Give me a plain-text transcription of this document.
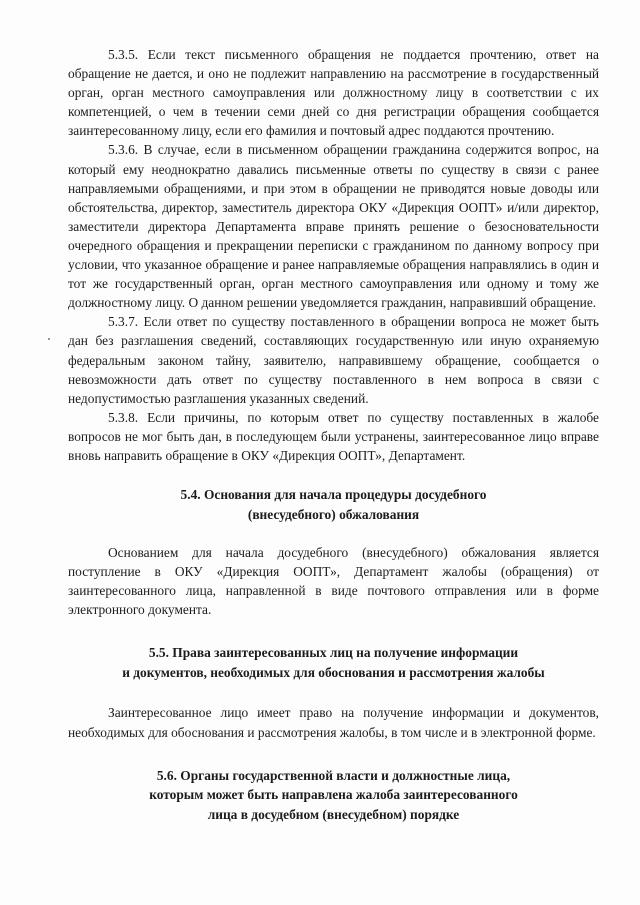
5.3.5. Если текст письменного обращения не поддается прочтению, ответ на обращение не дается, и оно не подлежит направлению на рассмотрение в государственный орган, орган местного самоуправления или должностному лицу в соответствии с их компетенцией, о чем в течении семи дней со дня регистрации обращения сообщается заинтересованному лицу, если его фамилия и почтовый адрес поддаются прочтению.

5.3.6. В случае, если в письменном обращении гражданина содержится вопрос, на который ему неоднократно давались письменные ответы по существу в связи с ранее направляемыми обращениями, и при этом в обращении не приводятся новые доводы или обстоятельства, директор, заместитель директора ОКУ «Дирекция ООПТ» и/или директор, заместители директора Департамента вправе принять решение о безосновательности очередного обращения и прекращении переписки с гражданином по данному вопросу при условии, что указанное обращение и ранее направляемые обращения направлялись в один и тот же государственный орган, орган местного самоуправления или одному и тому же должностному лицу. О данном решении уведомляется гражданин, направивший обращение.

5.3.7. Если ответ по существу поставленного в обращении вопроса не может быть дан без разглашения сведений, составляющих государственную или иную охраняемую федеральным законом тайну, заявителю, направившему обращение, сообщается о невозможности дать ответ по существу поставленного в нем вопроса в связи с недопустимостью разглашения указанных сведений.

5.3.8. Если причины, по которым ответ по существу поставленных в жалобе вопросов не мог быть дан, в последующем были устранены, заинтересованное лицо вправе вновь направить обращение в ОКУ «Дирекция ООПТ», Департамент.

5.4. Основания для начала процедуры досудебного
(внесудебного) обжалования

Основанием для начала досудебного (внесудебного) обжалования является поступление в ОКУ «Дирекция ООПТ», Департамент жалобы (обращения) от заинтересованного лица, направленной в виде почтового отправления или в форме электронного документа.

5.5. Права заинтересованных лиц на получение информации
и документов, необходимых для обоснования и рассмотрения жалобы

Заинтересованное лицо имеет право на получение информации и документов, необходимых для обоснования и рассмотрения жалобы, в том числе и в электронной форме.

5.6. Органы государственной власти и должностные лица,
которым может быть направлена жалоба заинтересованного
лица в досудебном (внесудебном) порядке
